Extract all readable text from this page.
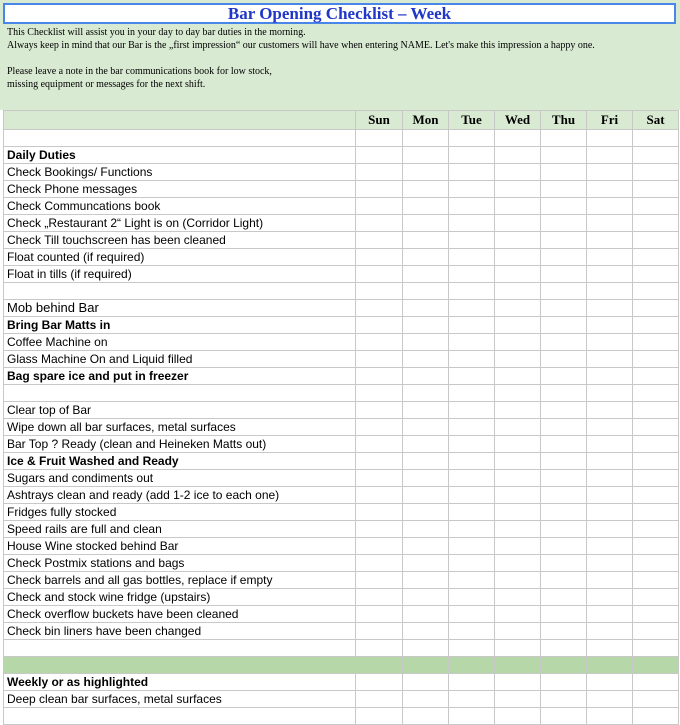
Bar Opening Checklist – Week
This Checklist will assist you in your day to day bar duties in the morning.
Always keep in mind that our Bar is the „first impression“ our customers will have when entering NAME. Let's make this impression a happy one.
Please leave a note in the bar communications book for low stock,
missing equipment or messages for the next shift.
	Sun	Mon	Tue	Wed	Thu	Fri	Sat

Daily Duties							
Check Bookings/ Functions							
Check Phone messages							
Check Communcations book							
Check „Restaurant 2“ Light is on (Corridor Light)							
Check Till touchscreen has been cleaned							
Float counted (if required)							
Float in tills (if required)							

Mob behind Bar							
Bring Bar Matts in							
Coffee Machine on							
Glass Machine On and Liquid filled							
Bag spare ice and put in freezer							

Clear top of Bar							
Wipe down all bar surfaces, metal surfaces							
Bar Top ? Ready (clean and Heineken Matts out)							
Ice & Fruit Washed and Ready							
Sugars and condiments out							
Ashtrays clean and ready (add 1-2 ice to each one)							
Fridges fully stocked							
Speed rails are full and clean							
House Wine stocked behind Bar							
Check Postmix stations and bags							
Check barrels and all gas bottles, replace if empty							
Check and stock wine fridge (upstairs)							
Check overflow buckets have been cleaned							
Check bin liners have been changed							

Weekly or as highlighted							
Deep clean bar surfaces, metal surfaces							
